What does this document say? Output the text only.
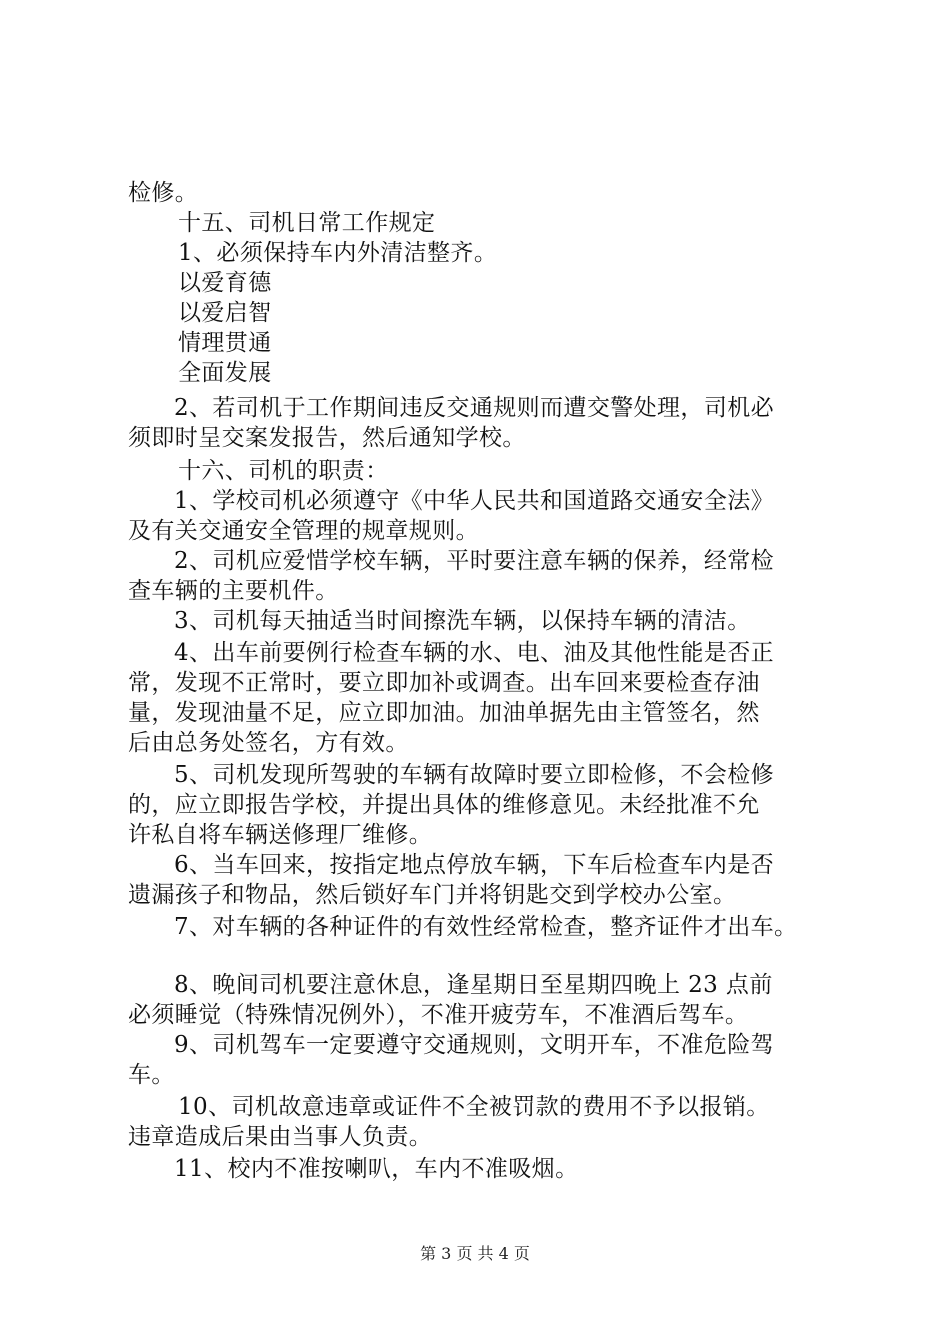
检修。
十五、司机日常工作规定
1、必须保持车内外清洁整齐。
以爱育德
以爱启智
情理贯通
全面发展
2、若司机于工作期间违反交通规则而遭交警处理，司机必
须即时呈交案发报告，然后通知学校。
十六、司机的职责：
1、学校司机必须遵守《中华人民共和国道路交通安全法》
及有关交通安全管理的规章规则。
2、司机应爱惜学校车辆，平时要注意车辆的保养，经常检
查车辆的主要机件。
3、司机每天抽适当时间擦洗车辆，以保持车辆的清洁。
4、出车前要例行检查车辆的水、电、油及其他性能是否正
常，发现不正常时，要立即加补或调查。出车回来要检查存油
量，发现油量不足，应立即加油。加油单据先由主管签名，然
后由总务处签名，方有效。
5、司机发现所驾驶的车辆有故障时要立即检修，不会检修
的，应立即报告学校，并提出具体的维修意见。未经批准不允
许私自将车辆送修理厂维修。
6、当车回来，按指定地点停放车辆，下车后检查车内是否
遗漏孩子和物品，然后锁好车门并将钥匙交到学校办公室。
7、对车辆的各种证件的有效性经常检查，整齐证件才出车。
8、晚间司机要注意休息，逢星期日至星期四晚上 23 点前
必须睡觉（特殊情况例外），不准开疲劳车，不准酒后驾车。
9、司机驾车一定要遵守交通规则，文明开车，不准危险驾
车。
10、司机故意违章或证件不全被罚款的费用不予以报销。
违章造成后果由当事人负责。
11、校内不准按喇叭，车内不准吸烟。
第 3 页 共 4 页
